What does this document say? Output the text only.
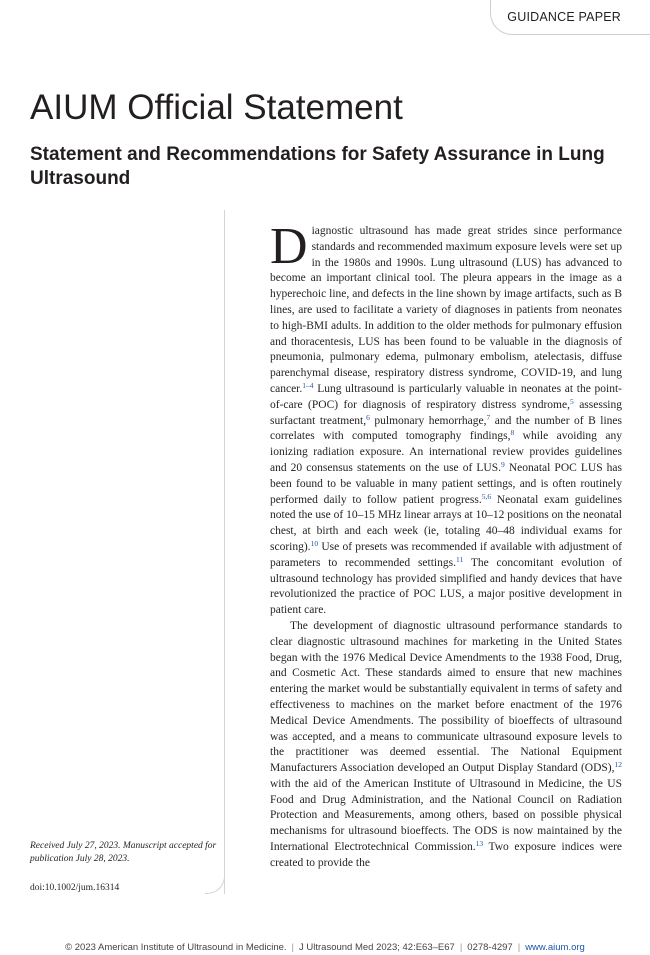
GUIDANCE PAPER
AIUM Official Statement
Statement and Recommendations for Safety Assurance in Lung Ultrasound

Received July 27, 2023. Manuscript accepted for publication July 28, 2023.

doi:10.1002/jum.16314

D iagnostic ultrasound has made great strides since performance standards and recommended maximum exposure levels were set up in the 1980s and 1990s. Lung ultrasound (LUS) has advanced to become an important clinical tool. The pleura appears in the image as a hyperechoic line, and defects in the line shown by image artifacts, such as B lines, are used to facilitate a variety of diagnoses in patients from neonates to high-BMI adults. In addition to the older methods for pulmonary effusion and thoracentesis, LUS has been found to be valuable in the diagnosis of pneumonia, pulmonary edema, pulmonary embolism, atelectasis, diffuse parenchymal disease, respiratory distress syndrome, COVID-19, and lung cancer.$^{1-4}$ Lung ultrasound is particularly valuable in neonates at the point-of-care (POC) for diagnosis of respiratory distress syndrome,$^5$ assessing surfactant treatment,$^6$ pulmonary hemorrhage,$^7$ and the number of B lines correlates with computed tomography findings,$^8$ while avoiding any ionizing radiation exposure. An international review provides guidelines and 20 consensus statements on the use of LUS.$^9$ Neonatal POC LUS has been found to be valuable in many patient settings, and is often routinely performed daily to follow patient progress.$^{5,6}$ Neonatal exam guidelines noted the use of 10–15 MHz linear arrays at 10–12 positions on the neonatal chest, at birth and each week (ie, totaling 40–48 individual exams for scoring).$^{10}$ Use of presets was recommended if available with adjustment of parameters to recommended settings.$^{11}$ The concomitant evolution of ultrasound technology has provided simplified and handy devices that have revolutionized the practice of POC LUS, a major positive development in patient care.

The development of diagnostic ultrasound performance standards to clear diagnostic ultrasound machines for marketing in the United States began with the 1976 Medical Device Amendments to the 1938 Food, Drug, and Cosmetic Act. These standards aimed to ensure that new machines entering the market would be substantially equivalent in terms of safety and effectiveness to machines on the market before enactment of the 1976 Medical Device Amendments. The possibility of bioeffects of ultrasound was accepted, and a means to communicate ultrasound exposure levels to the practitioner was deemed essential. The National Equipment Manufacturers Association developed an Output Display Standard (ODS),$^{12}$ with the aid of the American Institute of Ultrasound in Medicine, the US Food and Drug Administration, and the National Council on Radiation Protection and Measurements, among others, based on possible physical mechanisms for ultrasound bioeffects. The ODS is now maintained by the International Electrotechnical Commission.$^{13}$ Two exposure indices were created to provide the

© 2023 American Institute of Ultrasound in Medicine. | J Ultrasound Med 2023; 42:E63–E67 | 0278-4297 | www.aium.org
